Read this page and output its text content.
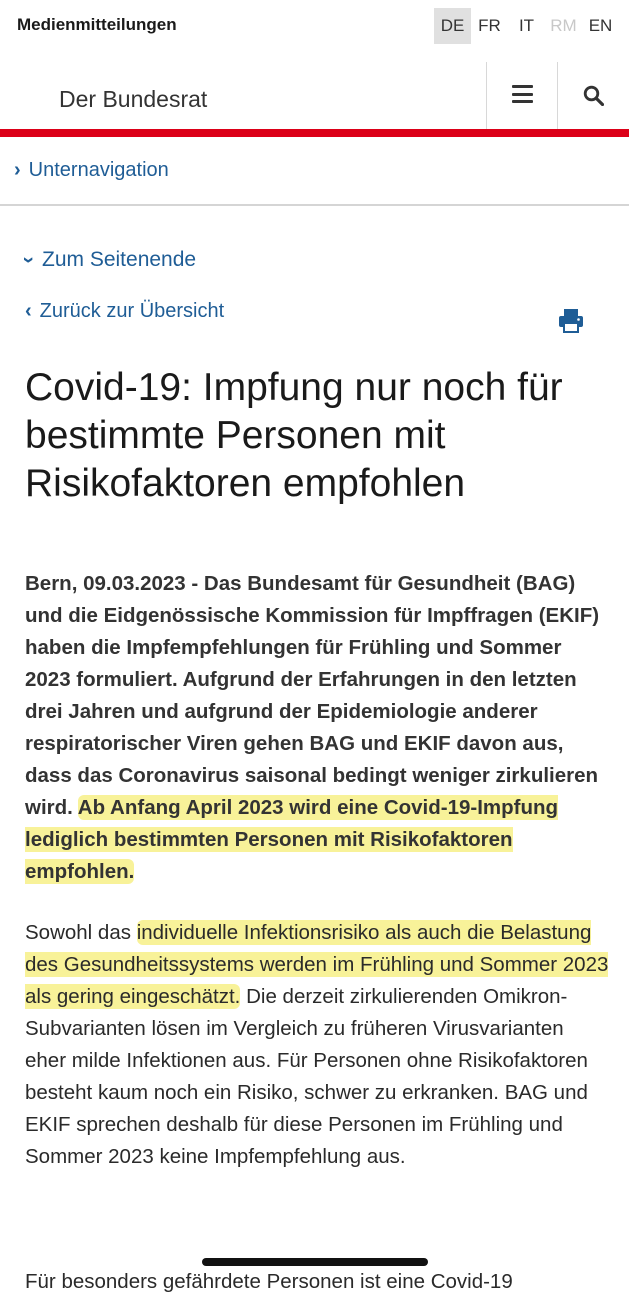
Medienmitteilungen	DE FR	IT RM EN
Der Bundesrat
› Unternavigation
›Zum Seitenende
‹ Zurück zur Übersicht
Covid-19: Impfung nur noch für bestimmte Personen mit Risikofaktoren empfohlen

Bern, 09.03.2023 - Das Bundesamt für Gesundheit (BAG) und die Eidgenössische Kommission für Impffragen (EKIF) haben die Impfempfehlungen für Frühling und Sommer 2023 formuliert. Aufgrund der Erfahrungen in den letzten drei Jahren und aufgrund der Epidemiologie anderer respiratorischer Viren gehen BAG und EKIF davon aus, dass das Coronavirus saisonal bedingt weniger zirkulieren wird. Ab Anfang April 2023 wird eine Covid-19-Impfung lediglich bestimmten Personen mit Risikofaktoren empfohlen.

Sowohl das individuelle Infektionsrisiko als auch die Belastung des Gesundheitssystems werden im Frühling und Sommer 2023 als gering eingeschätzt. Die derzeit zirkulierenden Omikron-Subvarianten lösen im Vergleich zu früheren Virusvarianten eher milde Infektionen aus. Für Personen ohne Risikofaktoren besteht kaum noch ein Risiko, schwer zu erkranken. BAG und EKIF sprechen deshalb für diese Personen im Frühling und Sommer 2023 keine Impfempfehlung aus.

Für besonders gefährdete Personen ist eine Covid-19
